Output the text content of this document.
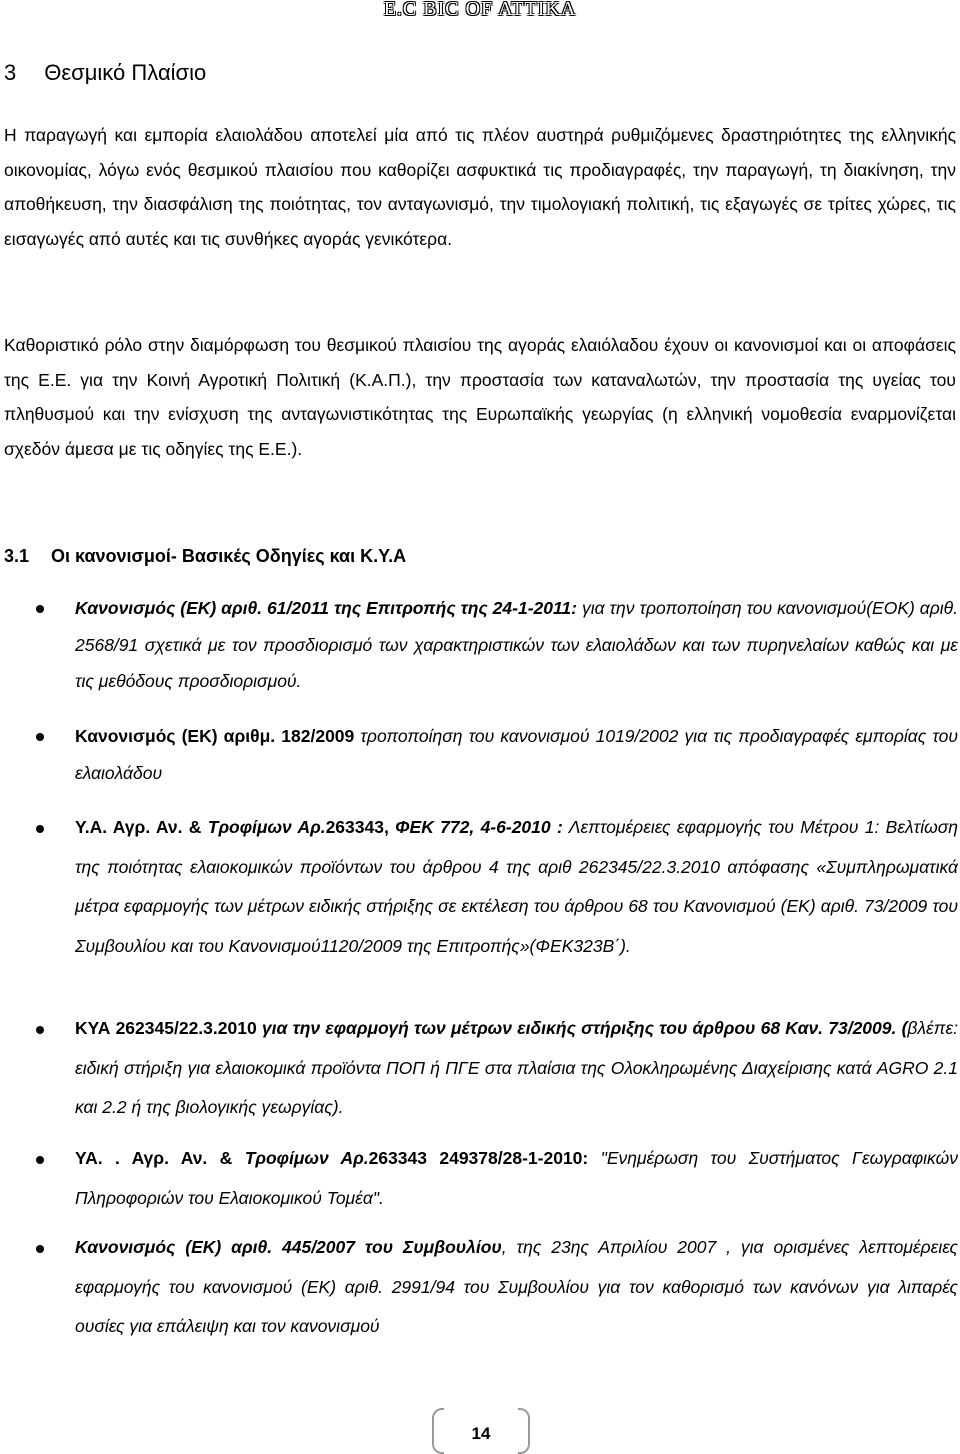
E.C BIC OF ATTIKA
3 Θεσμικό Πλαίσιο
Η παραγωγή και εμπορία ελαιολάδου αποτελεί μία από τις πλέον αυστηρά ρυθμιζόμενες δραστηριότητες της ελληνικής οικονομίας, λόγω ενός θεσμικού πλαισίου που καθορίζει ασφυκτικά τις προδιαγραφές, την παραγωγή, τη διακίνηση, την αποθήκευση, την διασφάλιση της ποιότητας, τον ανταγωνισμό, την τιμολογιακή πολιτική, τις εξαγωγές σε τρίτες χώρες, τις εισαγωγές από αυτές και τις συνθήκες αγοράς γενικότερα.
Καθοριστικό ρόλο στην διαμόρφωση του θεσμικού πλαισίου της αγοράς ελαιόλαδου έχουν οι κανονισμοί και οι αποφάσεις της Ε.Ε. για την Κοινή Αγροτική Πολιτική (Κ.Α.Π.), την προστασία των καταναλωτών, την προστασία της υγείας του πληθυσμού και την ενίσχυση της ανταγωνιστικότητας της Ευρωπαϊκής γεωργίας (η ελληνική νομοθεσία εναρμονίζεται σχεδόν άμεσα με τις οδηγίες της Ε.Ε.).
3.1 Οι κανονισμοί- Βασικές Οδηγίες και Κ.Υ.Α
Κανονισμός (ΕΚ) αριθ. 61/2011 της Επιτροπής της 24-1-2011: για την τροποποίηση του κανονισμού(ΕΟΚ) αριθ. 2568/91 σχετικά με τον προσδιορισμό των χαρακτηριστικών των ελαιολάδων και των πυρηνελαίων καθώς και με τις μεθόδους προσδιορισμού.
Κανονισμός (ΕΚ) αριθμ. 182/2009 τροποποίηση του κανονισμού 1019/2002 για τις προδιαγραφές εμπορίας του ελαιολάδου
Υ.Α. Αγρ. Αν. & Τροφίμων Αρ.263343, ΦΕΚ 772, 4-6-2010 : Λεπτομέρειες εφαρμογής του Μέτρου 1: Βελτίωση της ποιότητας ελαιοκομικών προϊόντων του άρθρου 4 της αριθ 262345/22.3.2010 απόφασης «Συμπληρωματικά μέτρα εφαρμογής των μέτρων ειδικής στήριξης σε εκτέλεση του άρθρου 68 του Κανονισμού (ΕΚ) αριθ. 73/2009 του Συμβουλίου και του Κανονισμού1120/2009 της Επιτροπής»(ΦΕΚ323Β΄).
ΚΥΑ 262345/22.3.2010 για την εφαρμογή των μέτρων ειδικής στήριξης του άρθρου 68 Καν. 73/2009. (βλέπε: ειδική στήριξη για ελαιοκομικά προϊόντα ΠΟΠ ή ΠΓΕ στα πλαίσια της Ολοκληρωμένης Διαχείρισης κατά AGRO 2.1 και 2.2 ή της βιολογικής γεωργίας).
ΥΑ. . Αγρ. Αν. & Τροφίμων Αρ.263343 249378/28-1-2010: "Ενημέρωση του Συστήματος Γεωγραφικών Πληροφοριών του Ελαιοκομικού Τομέα".
Κανονισμός (ΕΚ) αριθ. 445/2007 του Συμβουλίου, της 23ης Απριλίου 2007 , για ορισμένες λεπτομέρειες εφαρμογής του κανονισμού (ΕΚ) αριθ. 2991/94 του Συμβουλίου για τον καθορισμό των κανόνων για λιπαρές ουσίες για επάλειψη και τον κανονισμού
14
